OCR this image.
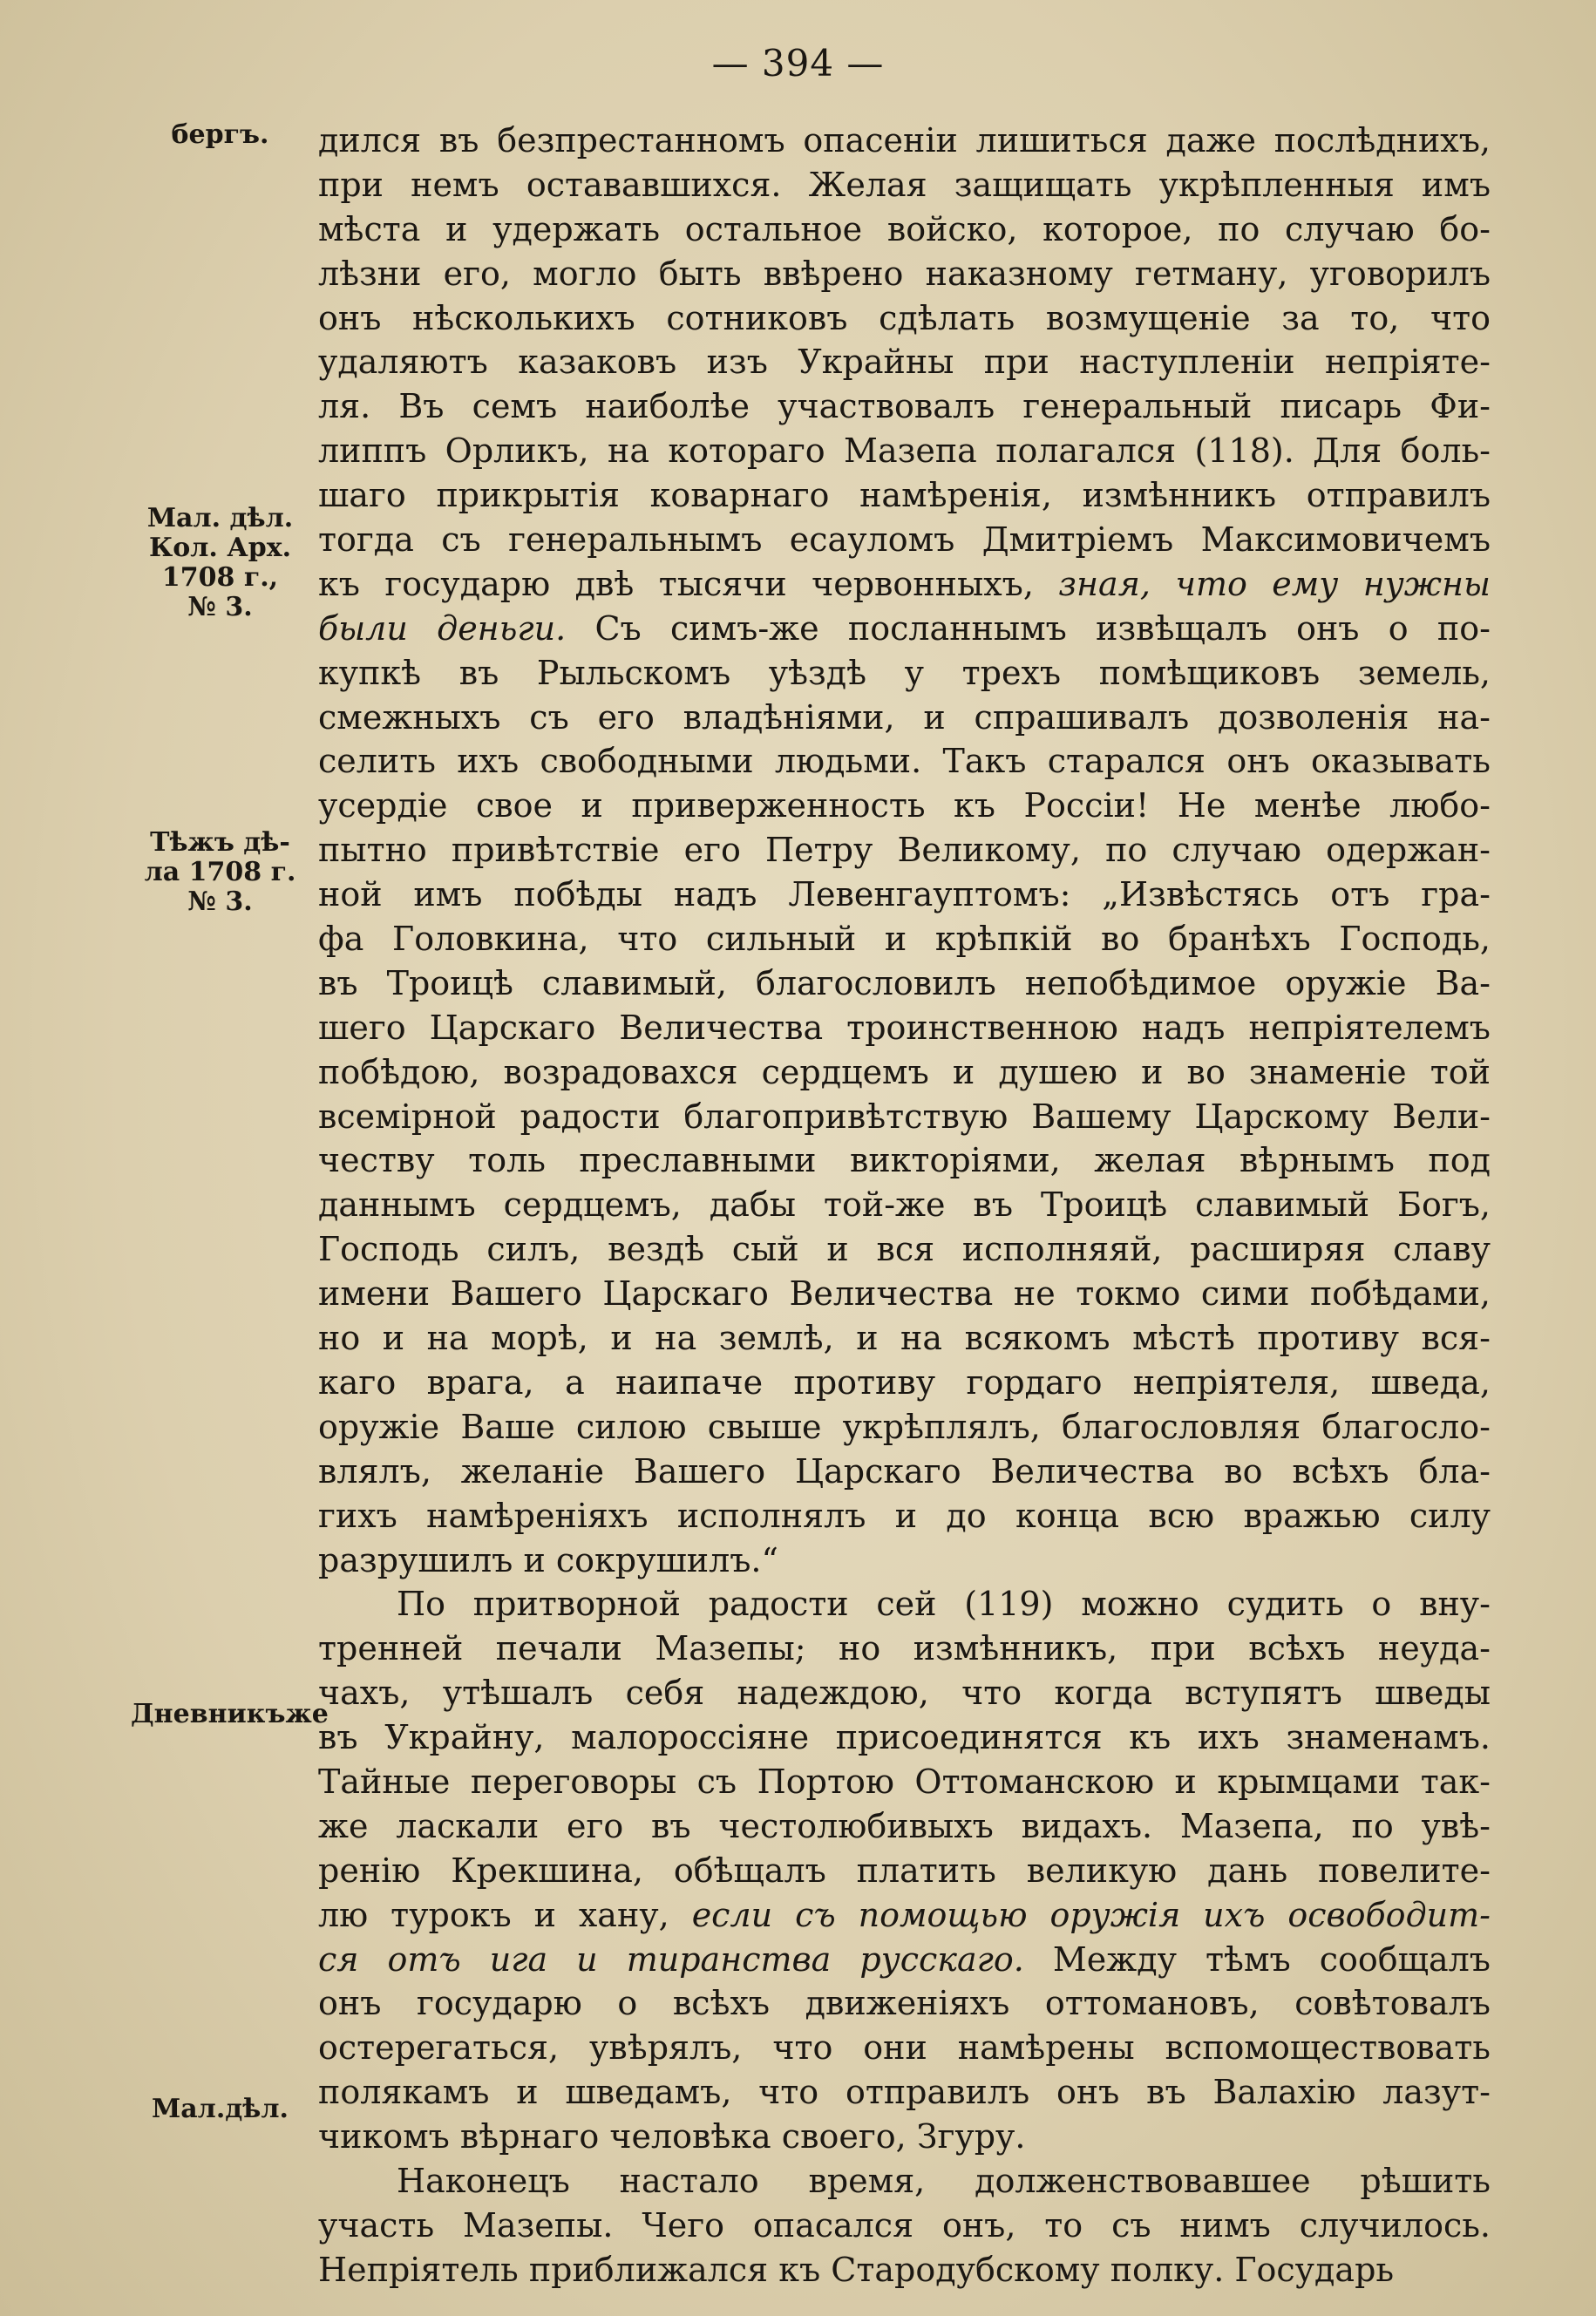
— 394 —
бергъ.
Мал. дѣл.
Кол. Арх.
1708 г.,
№ 3.
Тѣжъ дѣ-
ла 1708 г.
№ 3.
Дневникъже
Мал.дѣл.
дился въ безпрестанномъ опасеніи лишиться даже послѣднихъ,
при немъ остававшихся. Желая защищать укрѣпленныя имъ
мѣста и удержать остальное войско, которое, по случаю бо-
лѣзни его, могло быть ввѣрено наказному гетману, уговорилъ
онъ нѣсколькихъ сотниковъ сдѣлать возмущеніе за то, что
удаляютъ казаковъ изъ Украйны при наступленіи непріяте-
ля. Въ семъ наиболѣе участвовалъ генеральный писарь Фи-
липпъ Орликъ, на котораго Мазепа полагался (118). Для боль-
шаго прикрытія коварнаго намѣренія, измѣнникъ отправилъ
тогда съ генеральнымъ есауломъ Дмитріемъ Максимовичемъ
къ государю двѣ тысячи червонныхъ, зная, что ему нужны
были деньги. Съ симъ-же посланнымъ извѣщалъ онъ о по-
купкѣ въ Рыльскомъ уѣздѣ у трехъ помѣщиковъ земель,
смежныхъ съ его владѣніями, и спрашивалъ дозволенія на-
селить ихъ свободными людьми. Такъ старался онъ оказывать
усердіе свое и приверженность къ Россіи! Не менѣе любо-
пытно привѣтствіе его Петру Великому, по случаю одержан-
ной имъ побѣды надъ Левенгауптомъ: „Извѣстясь отъ гра-
фа Головкина, что сильный и крѣпкій во бранѣхъ Господь,
въ Троицѣ славимый, благословилъ непобѣдимое оружіе Ва-
шего Царскаго Величества троинственною надъ непріятелемъ
побѣдою, возрадовахся сердцемъ и душею и во знаменіе той
всемірной радости благопривѣтствую Вашему Царскому Вели-
честву толь преславными викторіями, желая вѣрнымъ под
даннымъ сердцемъ, дабы той-же въ Троицѣ славимый Богъ,
Господь силъ, вездѣ сый и вся исполняяй, расширяя славу
имени Вашего Царскаго Величества не токмо сими побѣдами,
но и на морѣ, и на землѣ, и на всякомъ мѣстѣ противу вся-
каго врага, а наипаче противу гордаго непріятеля, шведа,
оружіе Ваше силою свыше укрѣплялъ, благословляя благосло-
влялъ, желаніе Вашего Царскаго Величества во всѣхъ бла-
гихъ намѣреніяхъ исполнялъ и до конца всю вражью силу
разрушилъ и сокрушилъ.“
По притворной радости сей (119) можно судить о вну-
тренней печали Мазепы; но измѣнникъ, при всѣхъ неуда-
чахъ, утѣшалъ себя надеждою, что когда вступятъ шведы
въ Украйну, малороссіяне присоединятся къ ихъ знаменамъ.
Тайные переговоры съ Портою Оттоманскою и крымцами так-
же ласкали его въ честолюбивыхъ видахъ. Мазепа, по увѣ-
ренію Крекшина, обѣщалъ платить великую дань повелите-
лю турокъ и хану, если съ помощью оружія ихъ освободит-
ся отъ ига и тиранства русскаго. Между тѣмъ сообщалъ
онъ государю о всѣхъ движеніяхъ оттомановъ, совѣтовалъ
остерегаться, увѣрялъ, что они намѣрены вспомоществовать
полякамъ и шведамъ, что отправилъ онъ въ Валахію лазут-
чикомъ вѣрнаго человѣка своего, Згуру.
Наконецъ настало время, долженствовавшее рѣшить
участь Мазепы. Чего опасался онъ, то съ нимъ случилось.
Непріятель приближался къ Стародубскому полку. Государь
